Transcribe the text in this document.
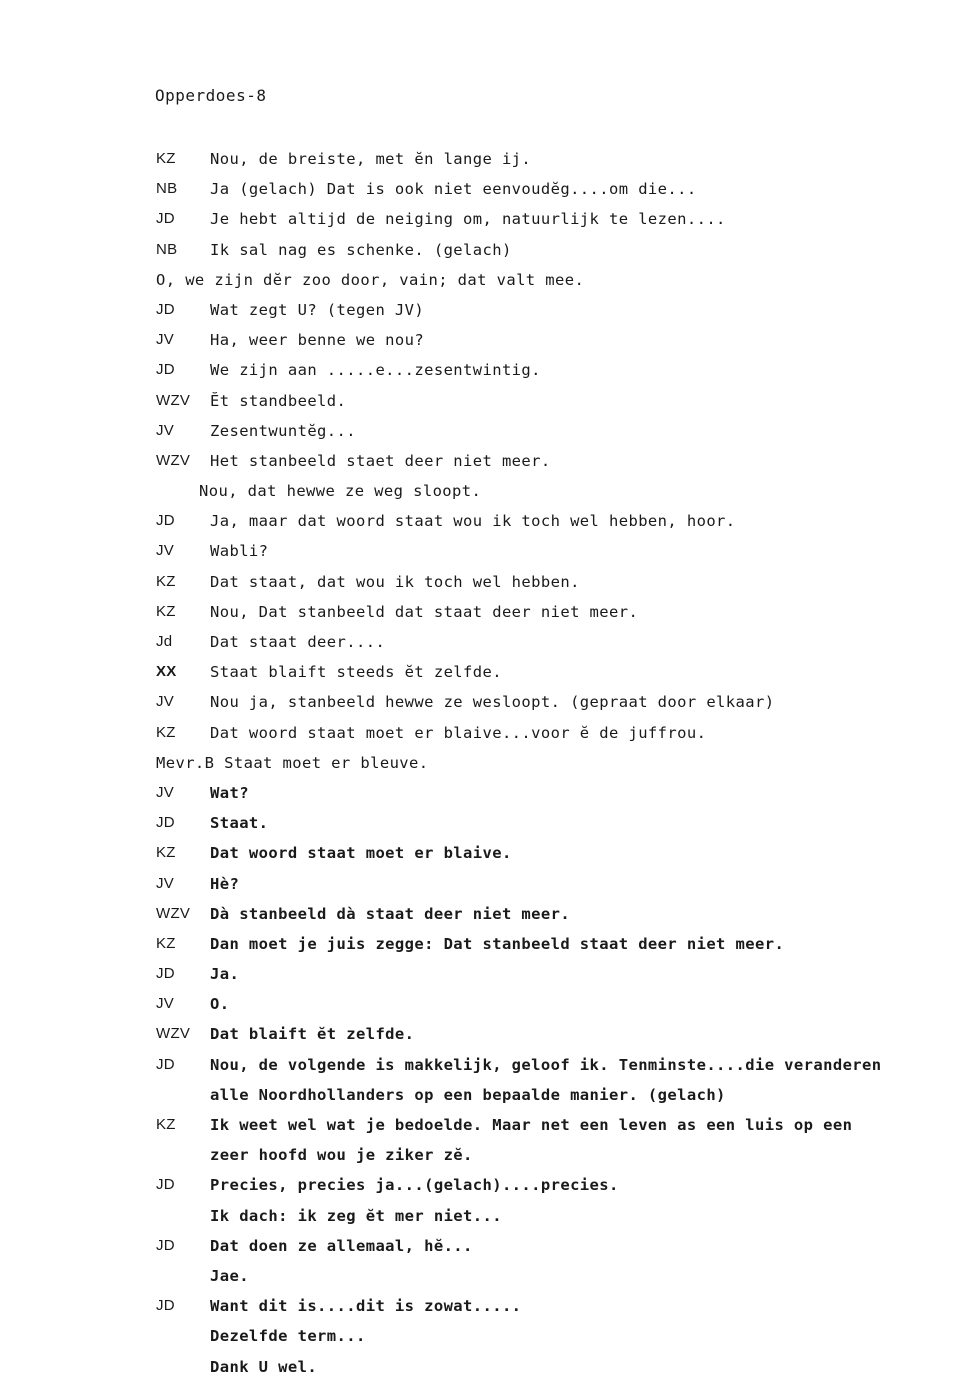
Opperdoes-8
KZ Nou, de breiste, met ĕn lange ij.
NB Ja (gelach) Dat is ook niet eenvoudĕg....om die...
JD Je hebt altijd de neiging om, natuurlijk te lezen....
NB Ik sal nag es schenke. (gelach)
O, we zijn dĕr zoo door, vain; dat valt mee.
JD Wat zegt U? (tegen JV)
JV Ha, weer benne we nou?
JD We zijn aan .....e...zesentwintig.
WZV Ĕt standbeeld.
JV Zesentwuntĕg...
WZV Het stanbeeld staet deer niet meer.
Nou, dat hewwe ze weg sloopt.
JD Ja, maar dat woord staat wou ik toch wel hebben, hoor.
JV Wabli?
KZ Dat staat, dat wou ik toch wel hebben.
KZ Nou, Dat stanbeeld dat staat deer niet meer.
Jd Dat staat deer....
XX Staat blaift steeds ĕt zelfde.
JV Nou ja, stanbeeld hewwe ze wesloopt. (gepraat door elkaar)
KZ Dat woord staat moet er blaive...voor ĕ de juffrou.
Mevr.B Staat moet er bleuve.
JV Wat?
JD Staat.
KZ Dat woord staat moet er blaive.
JV Hè?
WZV Dà stanbeeld dà staat deer niet meer.
KZ Dan moet je juis zegge: Dat stanbeeld staat deer niet meer.
JD Ja.
JV O.
WZV Dat blaift ĕt zelfde.
JD Nou, de volgende is makkelijk, geloof ik. Tenminste....die veranderen
alle Noordhollanders op een bepaalde manier. (gelach)
KZ Ik weet wel wat je bedoelde. Maar net een leven as een luis op een
zeer hoofd wou je ziker zĕ.
JD Precies, precies ja...(gelach)....precies.
Ik dach: ik zeg ĕt mer niet...
JD Dat doen ze allemaal, hĕ...
Jae.
JD Want dit is....dit is zowat.....
Dezelfde term...
Dank U wel.
